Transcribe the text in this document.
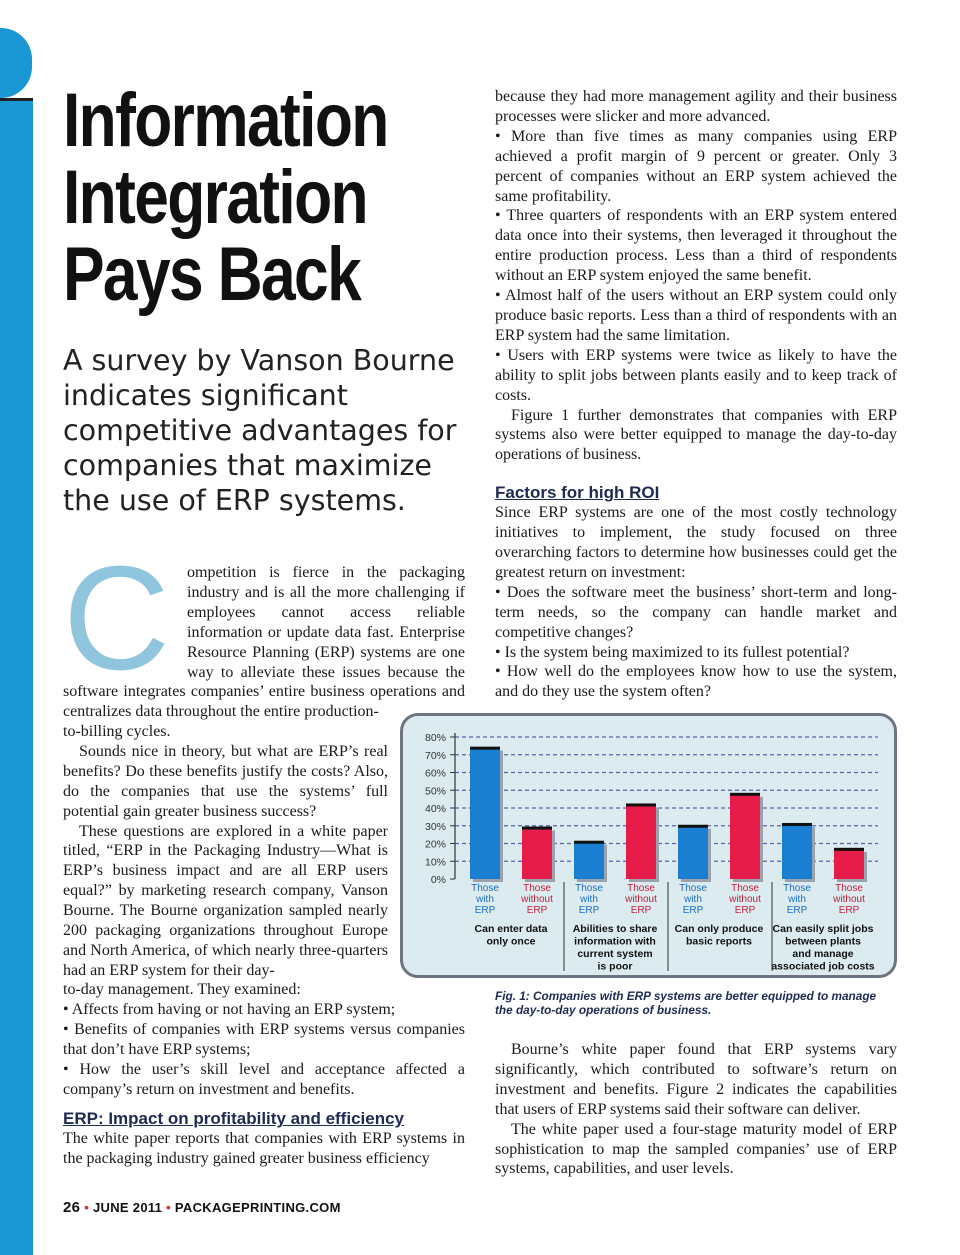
Information
Integration
Pays Back
A survey by Vanson Bourne indicates significant competitive advantages for companies that maximize the use of ERP systems.

C	ompetition is fierce in the packaging industry and is all the more challenging if employees cannot access reliable information or update data fast. Enterprise Resource Planning (ERP) systems are one way to alleviate these issues because the software integrates companies’ entire business operations and centralizes data throughout the entire production-

to-billing cycles.

Sounds nice in theory, but what are ERP’s real benefits? Do these benefits justify the costs? Also, do the companies that use the systems’ full potential gain greater business success?

These questions are explored in a white paper titled, “ERP in the Packaging Industry—What is ERP’s business impact and are all ERP users equal?” by marketing research company, Vanson Bourne. The Bourne organization sampled nearly 200 packaging organizations throughout Europe and North America, of which nearly three-quarters had an ERP system for their day-

to-day management. They examined:

• Affects from having or not having an ERP system;

• Benefits of companies with ERP systems versus companies that don’t have ERP systems;

• How the user’s skill level and acceptance affected a company’s return on investment and benefits.

ERP: Impact on profitability and efficiency

The white paper reports that companies with ERP systems in the packaging industry gained greater business efficiency

because they had more management agility and their business processes were slicker and more advanced.

• More than five times as many companies using ERP achieved a profit margin of 9 percent or greater. Only 3 percent of companies without an ERP system achieved the same profitability.

• Three quarters of respondents with an ERP system entered data once into their systems, then leveraged it throughout the entire production process. Less than a third of respondents without an ERP system enjoyed the same benefit.

• Almost half of the users without an ERP system could only produce basic reports. Less than a third of respondents with an ERP system had the same limitation.

• Users with ERP systems were twice as likely to have the ability to split jobs between plants easily and to keep track of costs.

Figure 1 further demonstrates that companies with ERP systems also were better equipped to manage the day-to-day operations of business.

Factors for high ROI

Since ERP systems are one of the most costly technology initiatives to implement, the study focused on three overarching factors to determine how businesses could get the greatest return on investment:

• Does the software meet the business’ short-term and long-term needs, so the company can handle market and competitive changes?

• Is the system being maximized to its fullest potential?

• How well do the employees know how to use the system, and do they use the system often?

0%
10%
20%
30%
40%
50%
60%
70%
80%
Those
with
ERP
Those
without
ERP
Can enter data
only once
Those
with
ERP
Those
without
ERP
Abilities to share
information with
current system
is poor
Those
with
ERP
Those
without
ERP
Can only produce
basic reports
Those
with
ERP
Those
without
ERP
Can easily split jobs
between plants
and manage
associated job costs

Fig. 1: Companies with ERP systems are better equipped to manage the day-to-day operations of business.

Bourne’s white paper found that ERP systems vary significantly, which contributed to software’s return on investment and benefits. Figure 2 indicates the capabilities that users of ERP systems said their software can deliver.

The white paper used a four-stage maturity model of ERP sophistication to map the sampled companies’ use of ERP systems, capabilities, and user levels.

26 • JUNE 2011 • PACKAGEPRINTING.COM
